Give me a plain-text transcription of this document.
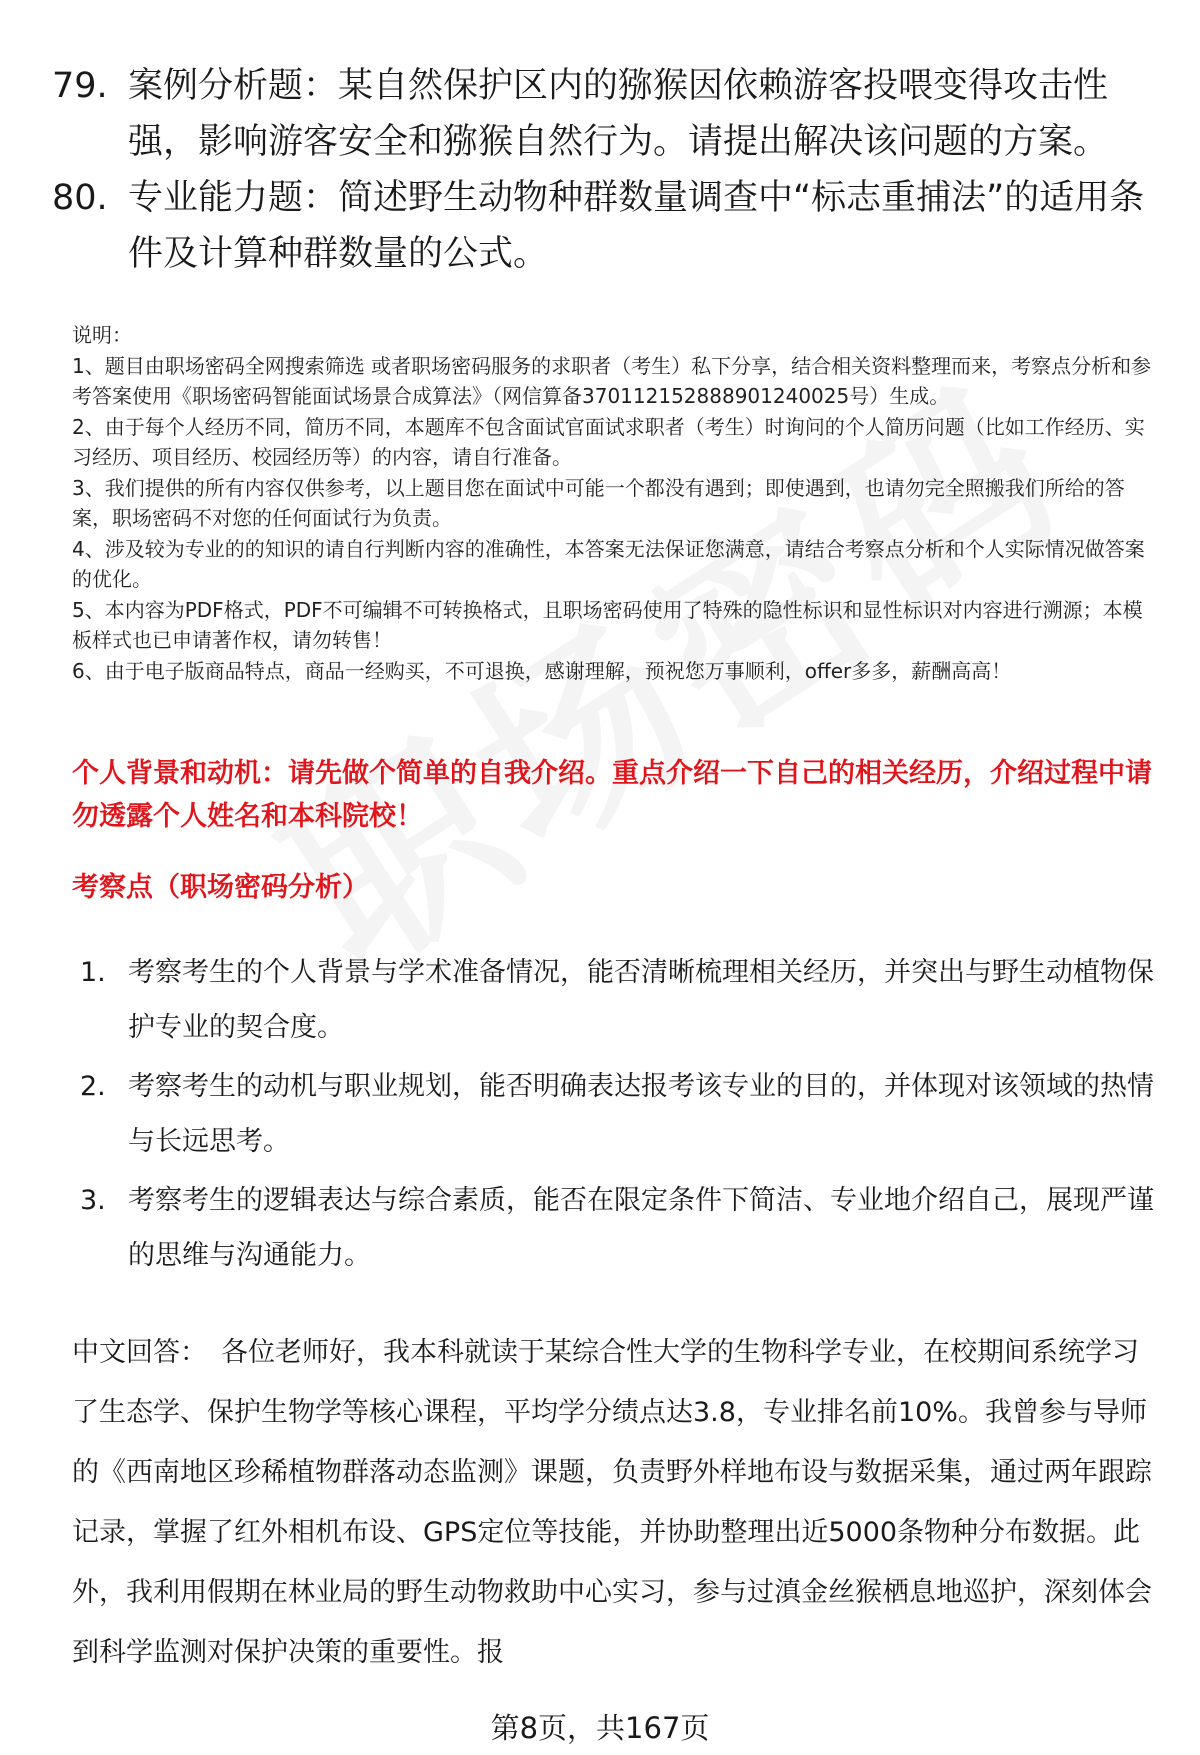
79. 案例分析题：某自然保护区内的猕猴因依赖游客投喂变得攻击性强，影响游客安全和猕猴自然行为。请提出解决该问题的方案。
80. 专业能力题：简述野生动物种群数量调查中“标志重捕法”的适用条件及计算种群数量的公式。

说明：

1、题目由职场密码全网搜索筛选 或者职场密码服务的求职者（考生）私下分享，结合相关资料整理而来，考察点分析和参考答案使用《职场密码智能面试场景合成算法》（网信算备370112152888901240025号）生成。

2、由于每个人经历不同，简历不同，本题库不包含面试官面试求职者（考生）时询问的个人简历问题（比如工作经历、实习经历、项目经历、校园经历等）的内容，请自行准备。

3、我们提供的所有内容仅供参考，以上题目您在面试中可能一个都没有遇到；即使遇到，也请勿完全照搬我们所给的答案，职场密码不对您的任何面试行为负责。

4、涉及较为专业的的知识的请自行判断内容的准确性，本答案无法保证您满意，请结合考察点分析和个人实际情况做答案的优化。

5、本内容为PDF格式，PDF不可编辑不可转换格式，且职场密码使用了特殊的隐性标识和显性标识对内容进行溯源；本模板样式也已申请著作权，请勿转售！

6、由于电子版商品特点，商品一经购买，不可退换，感谢理解，预祝您万事顺利，offer多多，薪酬高高！

个人背景和动机：请先做个简单的自我介绍。重点介绍一下自己的相关经历，介绍过程中请勿透露个人姓名和本科院校！
考察点（职场密码分析）
1. 考察考生的个人背景与学术准备情况，能否清晰梳理相关经历，并突出与野生动植物保护专业的契合度。
2. 考察考生的动机与职业规划，能否明确表达报考该专业的目的，并体现对该领域的热情与长远思考。
3. 考察考生的逻辑表达与综合素质，能否在限定条件下简洁、专业地介绍自己，展现严谨的思维与沟通能力。
中文回答： 各位老师好，我本科就读于某综合性大学的生物科学专业，在校期间系统学习了生态学、保护生物学等核心课程，平均学分绩点达3.8，专业排名前10%。我曾参与导师的《西南地区珍稀植物群落动态监测》课题，负责野外样地布设与数据采集，通过两年跟踪记录，掌握了红外相机布设、GPS定位等技能，并协助整理出近5000条物种分布数据。此外，我利用假期在林业局的野生动物救助中心实习，参与过滇金丝猴栖息地巡护，深刻体会到科学监测对保护决策的重要性。报
第8页，共167页
